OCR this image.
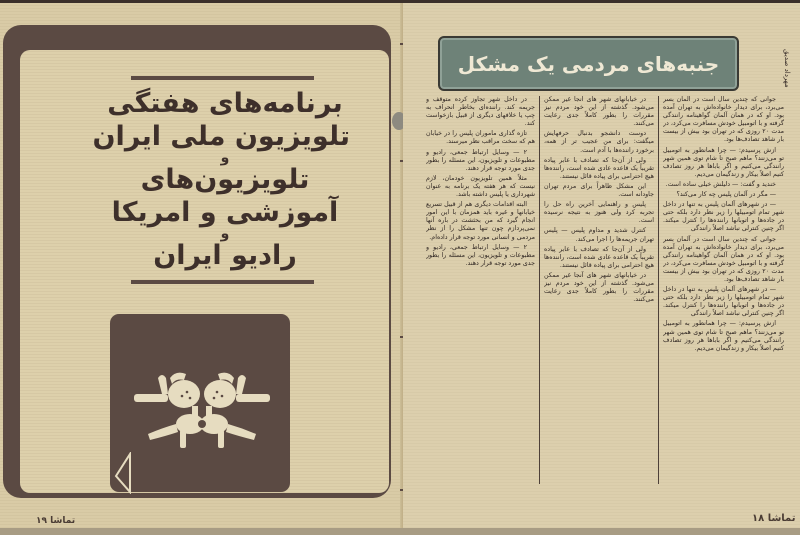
برنامه‌های هفتگی
تلویزیون ملی ایران
و
تلویزیون‌های
آموزشی و امریکا
و
رادیو ایران
تماشا ۱۹
جنبه‌های مردمی یک مشکل	مهرداد صدیق

جوانی که چندین سال است در آلمان بسر می‌برد، برای دیدار خانواده‌اش به تهران آمده بود. او که در همان آلمان گواهینامه رانندگی گرفته و با اتومبیل خودش مسافرت می‌کرد، در مدت ۲۰ روزی که در تهران بود بیش از بیست بار شاهد تصادف‌ها بود.

ازش پرسیدم: — چرا همانطور به اتومبیل تو می‌زنند؟ ماهم صبح تا شام توی همین شهر رانندگی می‌کنیم و اگر باباها هر روز تصادف کنیم اصلاً بیکار و زندگیمان می‌دیم.

خندید و گفت: — دلیلش خیلی ساده است.

— مگر در آلمان پلیس چه کار می‌کند؟

— در شهرهای آلمان پلیس به تنها در داخل شهر تمام اتومبیلها را زیر نظر دارد بلکه حتی در جاده‌ها و اتوبانها راننده‌ها را کنترل میکند. اگر چنین کنترلی نباشد اصلاً رانندگی

جوانی که چندین سال است در آلمان بسر می‌برد، برای دیدار خانواده‌اش به تهران آمده بود. او که در همان آلمان گواهینامه رانندگی گرفته و با اتومبیل خودش مسافرت می‌کرد، در مدت ۲۰ روزی که در تهران بود بیش از بیست بار شاهد تصادف‌ها بود.

— در شهرهای آلمان پلیس به تنها در داخل شهر تمام اتومبیلها را زیر نظر دارد بلکه حتی در جاده‌ها و اتوبانها راننده‌ها را کنترل میکند. اگر چنین کنترلی نباشد اصلاً رانندگی

ازش پرسیدم: — چرا همانطور به اتومبیل تو می‌زنند؟ ماهم صبح تا شام توی همین شهر رانندگی می‌کنیم و اگر باباها هر روز تصادف کنیم اصلاً بیکار و زندگیمان می‌دیم.

در خیابانهای شهر های آنجا غیر ممکن می‌شود. گذشته از این خود مردم نیز مقررات را بطور کاملاً جدی رعایت می‌کنند.

دوست دانشجو بدنبال حرفهایش میگفت: برای من عجیب تر از همه، برخورد راننده‌ها با آدم است.

ولی از آن‌جا که تصادف با عابر پیاده تقریباً یک قاعده عادی شده است، راننده‌ها هیچ احترامی برای پیاده قائل نیستند.

این مشکل ظاهراً برای مردم تهران جاودانه است.

پلیس و راهنمایی آخرین راه حل را تجربه کرد ولی هنوز به نتیجه نرسیده است.

کنترل شدید و مداوم پلیس — پلیس تهران جریمه‌ها را اجرا می‌کند.

ولی از آن‌جا که تصادف با عابر پیاده تقریباً یک قاعده عادی شده است، راننده‌ها هیچ احترامی برای پیاده قائل نیستند.

در خیابانهای شهر های آنجا غیر ممکن می‌شود. گذشته از این خود مردم نیز مقررات را بطور کاملاً جدی رعایت می‌کنند.

در داخل شهر تجاوز کرده متوقف و جریمه کند. راننده‌ای بخاطر انحراف به چپ یا خلافهای دیگری از قبیل بازخواست کند.

تازه گذاری ماموران پلیس را در خیابان هم که سخت مراقب نظر میرسند.

۲ — وسایل ارتباط جمعی، رادیو و مطبوعات و تلویزیون، این مسئله را بطور جدی مورد توجه قرار دهند.

مثلاً همین تلویزیون خودمان، لازم نیست که هر هفته یک برنامه به عنوان شهرداری یا پلیس داشته باشد.

البته اقدامات دیگری هم از قبیل تسریع خیابانها و غیره باید همزمان با این امور انجام گیرد که من بحثشت در باره آنها نمی‌پردازم چون تنها مشکل را از نظر مردمی و انسانی مورد توجه قرار داده‌ام.

۲ — وسایل ارتباط جمعی، رادیو و مطبوعات و تلویزیون، این مسئله را بطور جدی مورد توجه قرار دهند.

تماشا ۱۸
